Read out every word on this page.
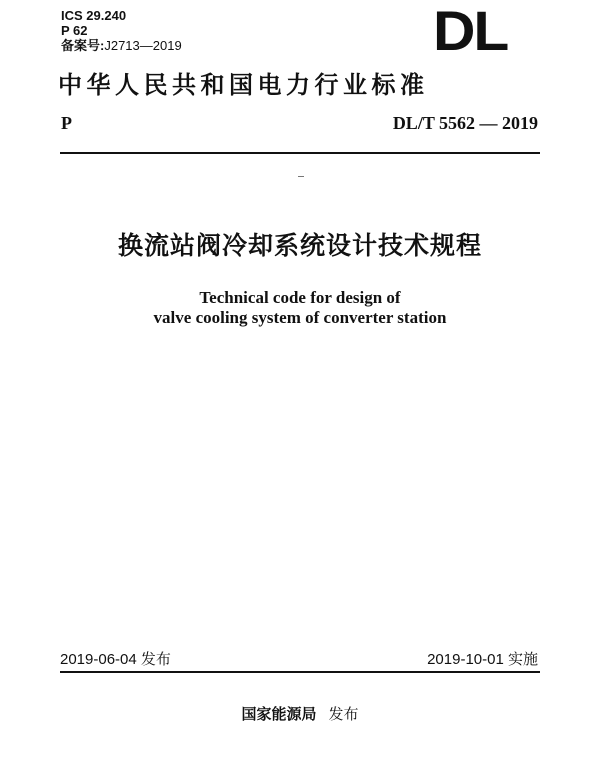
ICS 29.240
P 62
备案号:J2713—2019	DL
中华人民共和国电力行业标准
P	DL/T 5562 — 2019
换流站阀冷却系统设计技术规程
Technical code for design of
valve cooling system of converter station
2019-06-04 发布	2019-10-01 实施
国家能源局 发布
